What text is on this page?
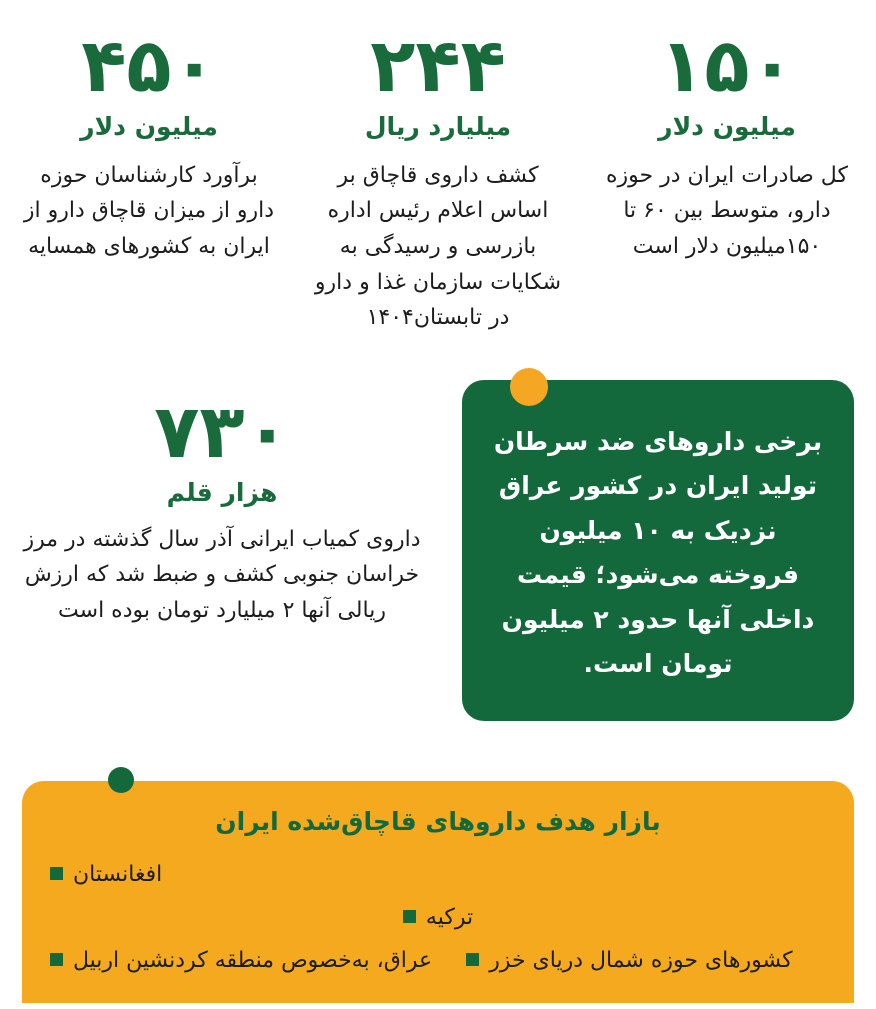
۴۵۰
میلیون دلار
برآورد کارشناسان حوزه دارو از میزان قاچاق دارو از ایران به کشورهای همسایه
۲۴۴
میلیارد ریال
کشف داروی قاچاق بر اساس اعلام رئیس اداره بازرسی و رسیدگی به شکایات سازمان غذا و دارو در تابستان۱۴۰۴
۱۵۰
میلیون دلار
کل صادرات ایران در حوزه دارو، متوسط بین ۶۰ تا ۱۵۰میلیون دلار است
۷۳۰
هزار قلم
داروی کمیاب ایرانی آذر سال گذشته در مرز خراسان جنوبی کشف و ضبط شد که ارزش ریالی آنها ۲ میلیارد تومان بوده است
برخی داروهای ضد سرطان تولید ایران در کشور عراق نزدیک به ۱۰ میلیون فروخته می‌شود؛ قیمت داخلی آنها حدود ۲ میلیون تومان است.
بازار هدف داروهای قاچاق‌شده ایران
افغانستان
ترکیه
عراق، به‌خصوص منطقه کردنشین اربیل	کشورهای حوزه شمال دریای خزر
